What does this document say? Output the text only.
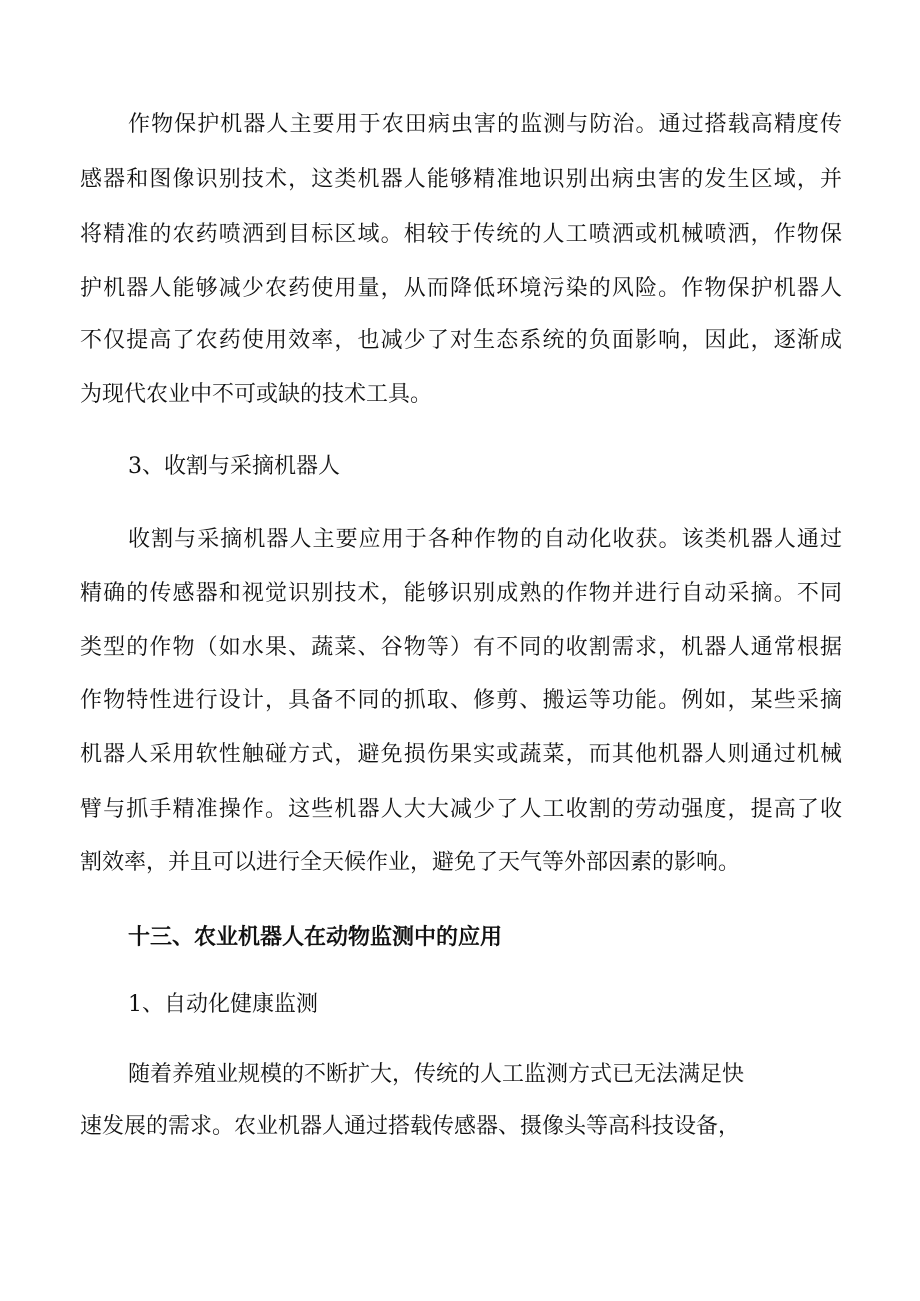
作物保护机器人主要用于农田病虫害的监测与防治。通过搭载高精度传
感器和图像识别技术，这类机器人能够精准地识别出病虫害的发生区域，并
将精准的农药喷洒到目标区域。相较于传统的人工喷洒或机械喷洒，作物保
护机器人能够减少农药使用量，从而降低环境污染的风险。作物保护机器人
不仅提高了农药使用效率，也减少了对生态系统的负面影响，因此，逐渐成
为现代农业中不可或缺的技术工具。
3、收割与采摘机器人
收割与采摘机器人主要应用于各种作物的自动化收获。该类机器人通过
精确的传感器和视觉识别技术，能够识别成熟的作物并进行自动采摘。不同
类型的作物（如水果、蔬菜、谷物等）有不同的收割需求，机器人通常根据
作物特性进行设计，具备不同的抓取、修剪、搬运等功能。例如，某些采摘
机器人采用软性触碰方式，避免损伤果实或蔬菜，而其他机器人则通过机械
臂与抓手精准操作。这些机器人大大减少了人工收割的劳动强度，提高了收
割效率，并且可以进行全天候作业，避免了天气等外部因素的影响。
十三、农业机器人在动物监测中的应用
1、自动化健康监测
随着养殖业规模的不断扩大，传统的人工监测方式已无法满足快
速发展的需求。农业机器人通过搭载传感器、摄像头等高科技设备，
